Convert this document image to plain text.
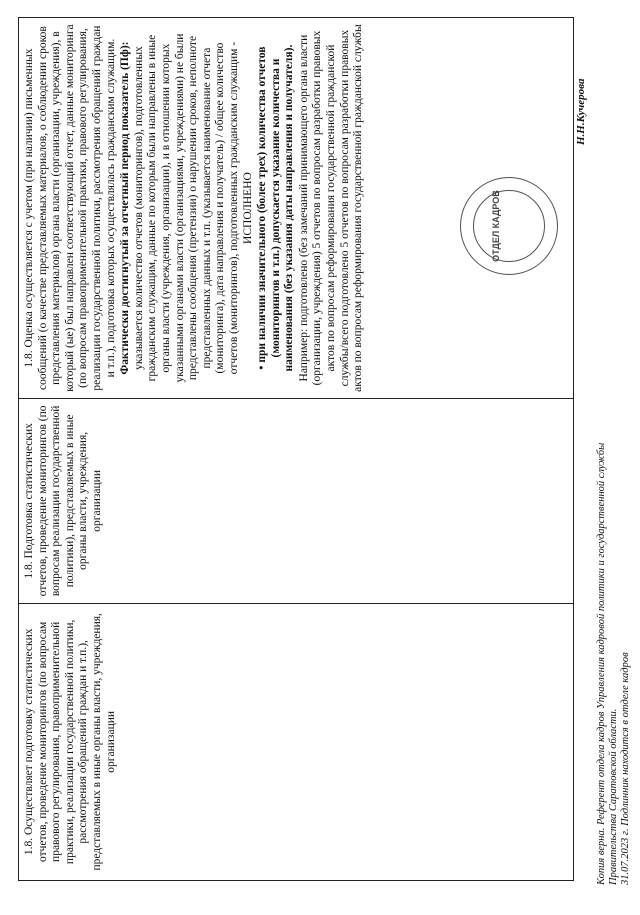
Копия верна. Референт отдела кадров Управления кадровой политики и государственной службы Правительства Саратовской области. 31.07.2023 г. Подлинник находится в отделе кадров
Н.Н.Кучерова
1.8. Осуществляет подготовку статистических отчетов, проведение мониторингов (по вопросам правового регулирования, правоприменительной практики, реализации государственной политики, рассмотрения обращений граждан и т.п.), представляемых в иные органы власти, учреждения, организации
1.8. Подготовка статистических отчетов, проведение мониторингов (по вопросам реализации государственной политики), представляемых в иные органы власти, учреждения, организации

1.8. Оценка осуществляется с учетом (при наличии) письменных сообщений (о качестве представляемых материалов, о соблюдении сроков представления материалов) органа власти (организации, учреждения), в который (ые) был направлен соответствующий отчет, данные мониторинга (по вопросам правоприменительной практики, правового регулирования, реализации государственной политики, рассмотрения обращений граждан и т.п.), подготовка которых осуществлялась гражданским служащим. Фактически достигнутый за отчетный период показатель (Пф): указывается количество отчетов (мониторингов), подготовленных гражданским служащим, данные по которым были направлены в иные органы власти (учреждения, организации), и в отношении которых указанными органами власти (организациями, учреждениями) не были представлены сообщения (претензии) о нарушении сроков, неполноте представленных данных и т.п. (указывается наименование отчета (мониторинга), дата направления и получатель) / общее количество отчетов (мониторингов), подготовленных гражданским служащим - ИСПОЛНЕНО

•при наличии значительного (более трех) количества отчетов (мониторингов и т.п.) допускается указание количества и наименования (без указания даты направления и получателя). Например: подготовлено (без замечаний принимающего органа власти (организации, учреждения) 5 отчетов по вопросам разработки правовых актов по вопросам реформирования государственной гражданской службы/всего подготовлено 5 отчетов по вопросам разработки правовых актов по вопросам реформирования государственной гражданской службы	ОТДЕЛ КАДРОВ
